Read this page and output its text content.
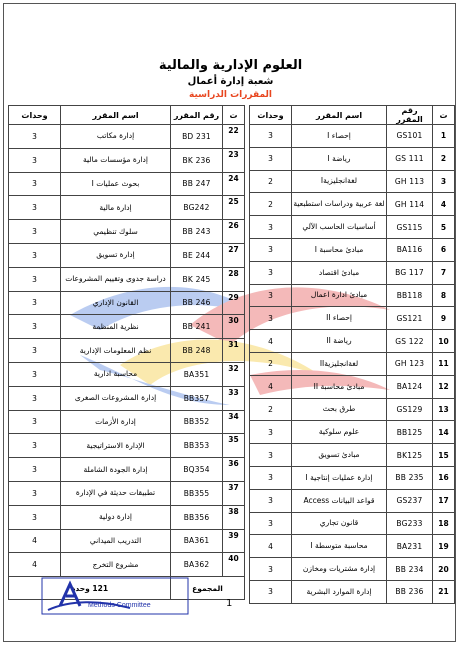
العلوم الإدارية والمالية
شعبة إدارة أعمال
المقررات الدراسية
ت	رقم المقرر	اسم المقرر	وحدات
1	GS101	إحصاء I	3
2	GS 111	رياضة I	3
3	GH 113	لغةانجليزيةI	2
4	GH 114	لغة عربية ودراسات استطبعية	2
5	GS115	أساسيات الحاسب الآلي	3
6	BA116	مبادئ محاسبة I	3
7	BG 117	مبادئ اقتصاد	3
8	BB118	مبادئ ادارة اعمال	3
9	GS121	إحصاء II	3
10	GS 122	رياضة II	4
11	GH 123	لغةانجليزيةII	2
12	BA124	مبادئ محاسبة II	4
13	GS129	طرق بحث	2
14	BB125	علوم سلوكية	3
15	BK125	مبادئ تسويق	3
16	BB 235	إدارة عمليات إنتاجية I	3
17	GS237	قواعد البيانات Access	3
18	BG233	قانون تجاري	3
19	BA231	محاسبة متوسطة I	4
20	BB 234	إدارة مشتريات ومخازن	3
21	BB 236	إدارة الموارد البشرية	3
ت	رقم المقرر	اسم المقرر	وحدات
22	BD 231	إدارة مكاتب	3
23	BK 236	إدارة مؤسسات مالية	3
24	BB 247	بحوث عمليات I	3
25	BG242	إدارة مالية	3
26	BB 243	سلوك تنظيمي	3
27	BE 244	إدارة تسويق	3
28	BK 245	دراسة جدوى وتقييم المشروعات	3
29	BB 246	القانون الإداري	3
30	BB 241	نظرية المنظمة	3
31	BB 248	نظم المعلومات الإدارية	3
32	BA351	محاسبة ادارية	3
33	BB357	إدارة المشروعات الصغرى	3
34	BB352	إدارة الأزمات	3
35	BB353	الإدارة الاستراتيجية	3
36	BQ354	إدارة الجودة الشاملة	3
37	BB355	تطبيقات حديثة في الإدارة	3
38	BB356	إدارة دولية	3
39	BA361	التدريب الميداني	4
40	BA362	مشروع التخرج	4
المجموع		121 وحدة	
Methods Committee	1
